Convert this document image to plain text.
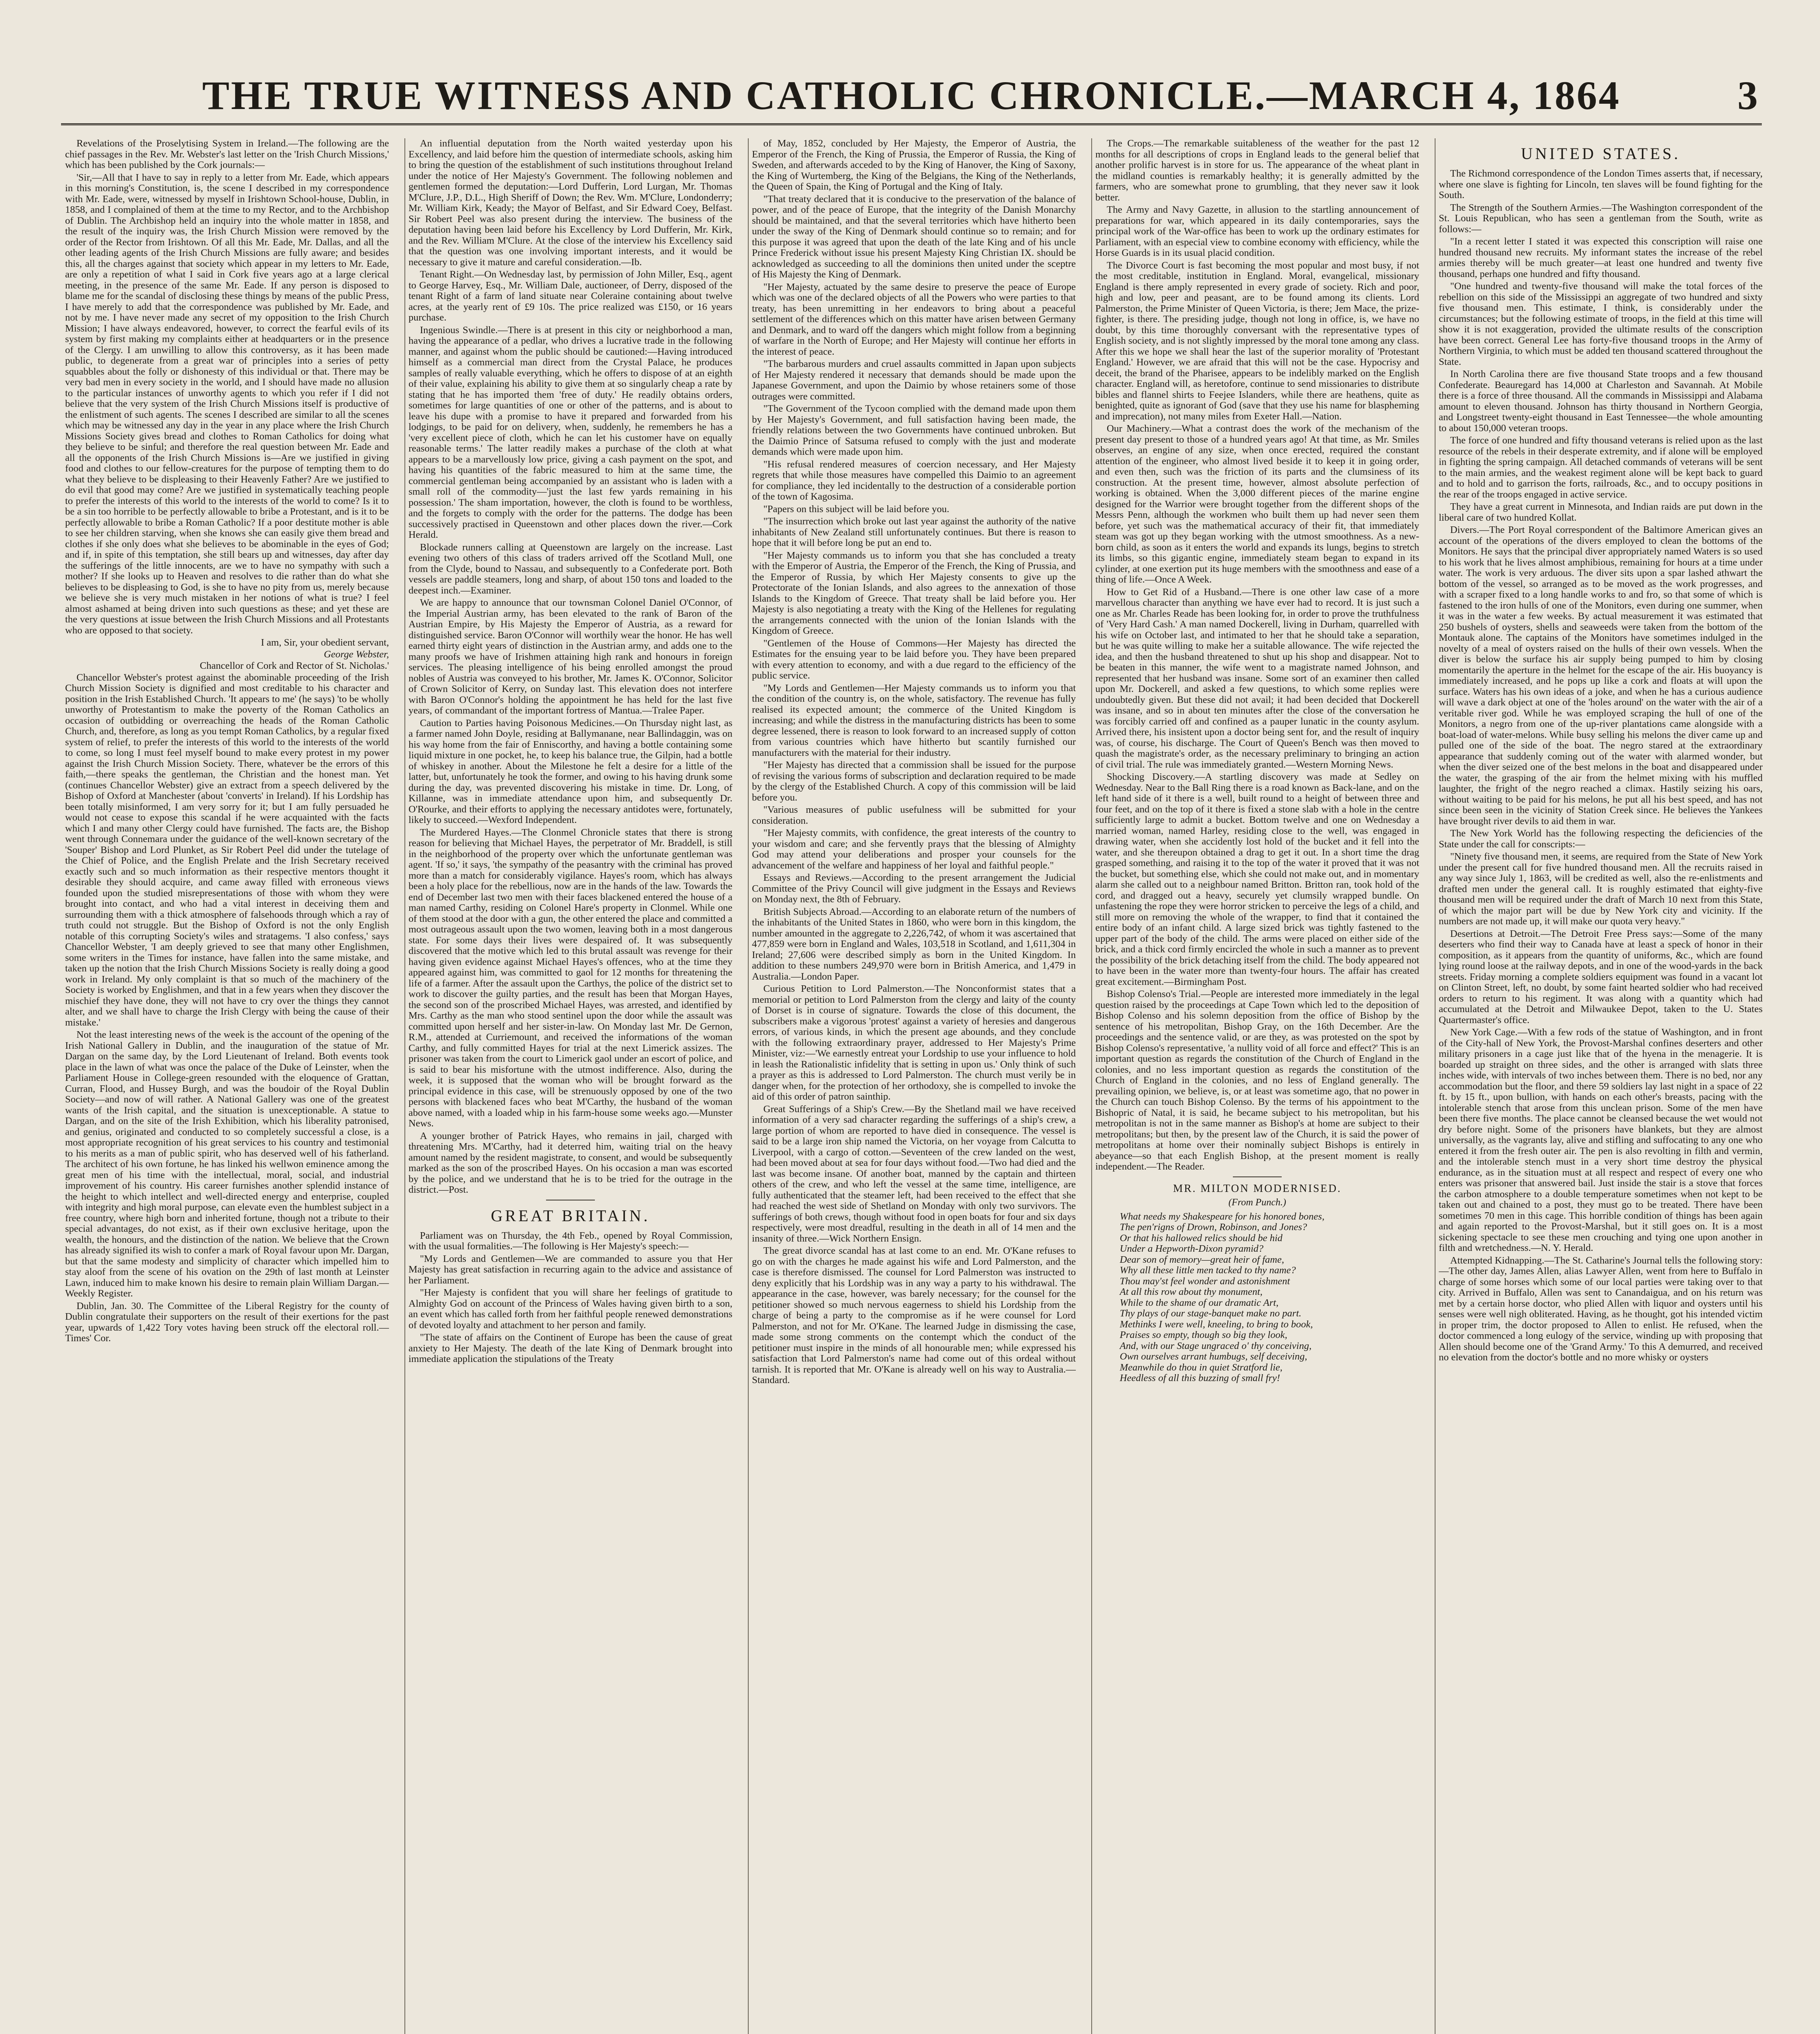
THE TRUE WITNESS AND CATHOLIC CHRONICLE.—MARCH 4, 1864	3

Revelations of the Proselytising System in Ireland.—The following are the chief passages in the Rev. Mr. Webster's last letter on the 'Irish Church Missions,' which has been published by the Cork journals:—

'Sir,—All that I have to say in reply to a letter from Mr. Eade, which appears in this morning's Constitution, is, the scene I described in my correspondence with Mr. Eade, were, witnessed by myself in Irishtown School-house, Dublin, in 1858, and I complained of them at the time to my Rector, and to the Archbishop of Dublin. The Archbishop held an inquiry into the whole matter in 1858, and the result of the inquiry was, the Irish Church Mission were removed by the order of the Rector from Irishtown. Of all this Mr. Eade, Mr. Dallas, and all the other leading agents of the Irish Church Missions are fully aware; and besides this, all the charges against that society which appear in my letters to Mr. Eade, are only a repetition of what I said in Cork five years ago at a large clerical meeting, in the presence of the same Mr. Eade. If any person is disposed to blame me for the scandal of disclosing these things by means of the public Press, I have merely to add that the correspondence was published by Mr. Eade, and not by me. I have never made any secret of my opposition to the Irish Church Mission; I have always endeavored, however, to correct the fearful evils of its system by first making my complaints either at headquarters or in the presence of the Clergy. I am unwilling to allow this controversy, as it has been made public, to degenerate from a great war of principles into a series of petty squabbles about the folly or dishonesty of this individual or that. There may be very bad men in every society in the world, and I should have made no allusion to the particular instances of unworthy agents to which you refer if I did not believe that the very system of the Irish Church Missions itself is productive of the enlistment of such agents. The scenes I described are similar to all the scenes which may be witnessed any day in the year in any place where the Irish Church Missions Society gives bread and clothes to Roman Catholics for doing what they believe to be sinful; and therefore the real question between Mr. Eade and all the opponents of the Irish Church Missions is—Are we justified in giving food and clothes to our fellow-creatures for the purpose of tempting them to do what they believe to be displeasing to their Heavenly Father? Are we justified to do evil that good may come? Are we justified in systematically teaching people to prefer the interests of this world to the interests of the world to come? Is it to be a sin too horrible to be perfectly allowable to bribe a Protestant, and is it to be perfectly allowable to bribe a Roman Catholic? If a poor destitute mother is able to see her children starving, when she knows she can easily give them bread and clothes if she only does what she believes to be abominable in the eyes of God; and if, in spite of this temptation, she still bears up and witnesses, day after day the sufferings of the little innocents, are we to have no sympathy with such a mother? If she looks up to Heaven and resolves to die rather than do what she believes to be displeasing to God, is she to have no pity from us, merely because we believe she is very much mistaken in her notions of what is true? I feel almost ashamed at being driven into such questions as these; and yet these are the very questions at issue between the Irish Church Missions and all Protestants who are opposed to that society.

I am, Sir, your obedient servant,

George Webster,

Chancellor of Cork and Rector of St. Nicholas.'

Chancellor Webster's protest against the abominable proceeding of the Irish Church Mission Society is dignified and most creditable to his character and position in the Irish Established Church. 'It appears to me' (he says) 'to be wholly unworthy of Protestantism to make the poverty of the Roman Catholics an occasion of outbidding or overreaching the heads of the Roman Catholic Church, and, therefore, as long as you tempt Roman Catholics, by a regular fixed system of relief, to prefer the interests of this world to the interests of the world to come, so long I must feel myself bound to make every protest in my power against the Irish Church Mission Society. There, whatever be the errors of this faith,—there speaks the gentleman, the Christian and the honest man. Yet (continues Chancellor Webster) give an extract from a speech delivered by the Bishop of Oxford at Manchester (about 'converts' in Ireland). If his Lordship has been totally misinformed, I am very sorry for it; but I am fully persuaded he would not cease to expose this scandal if he were acquainted with the facts which I and many other Clergy could have furnished. The facts are, the Bishop went through Connemara under the guidance of the well-known secretary of the 'Souper' Bishop and Lord Plunket, as Sir Robert Peel did under the tutelage of the Chief of Police, and the English Prelate and the Irish Secretary received exactly such and so much information as their respective mentors thought it desirable they should acquire, and came away filled with erroneous views founded upon the studied misrepresentations of those with whom they were brought into contact, and who had a vital interest in deceiving them and surrounding them with a thick atmosphere of falsehoods through which a ray of truth could not struggle. But the Bishop of Oxford is not the only English notable of this corrupting Society's wiles and stratagems. 'I also confess,' says Chancellor Webster, 'I am deeply grieved to see that many other Englishmen, some writers in the Times for instance, have fallen into the same mistake, and taken up the notion that the Irish Church Missions Society is really doing a good work in Ireland. My only complaint is that so much of the machinery of the Society is worked by Englishmen, and that in a few years when they discover the mischief they have done, they will not have to cry over the things they cannot alter, and we shall have to charge the Irish Clergy with being the cause of their mistake.'

Not the least interesting news of the week is the account of the opening of the Irish National Gallery in Dublin, and the inauguration of the statue of Mr. Dargan on the same day, by the Lord Lieutenant of Ireland. Both events took place in the lawn of what was once the palace of the Duke of Leinster, when the Parliament House in College-green resounded with the eloquence of Grattan, Curran, Flood, and Hussey Burgh, and was the boudoir of the Royal Dublin Society—and now of will rather. A National Gallery was one of the greatest wants of the Irish capital, and the situation is unexceptionable. A statue to Dargan, and on the site of the Irish Exhibition, which his liberality patronised, and genius, originated and conducted to so completely successful a close, is a most appropriate recognition of his great services to his country and testimonial to his merits as a man of public spirit, who has deserved well of his fatherland. The architect of his own fortune, he has linked his wellwon eminence among the great men of his time with the intellectual, moral, social, and industrial improvement of his country. His career furnishes another splendid instance of the height to which intellect and well-directed energy and enterprise, coupled with integrity and high moral purpose, can elevate even the humblest subject in a free country, where high born and inherited fortune, though not a tribute to their special advantages, do not exist, as if their own exclusive heritage, upon the wealth, the honours, and the distinction of the nation. We believe that the Crown has already signified its wish to confer a mark of Royal favour upon Mr. Dargan, but that the same modesty and simplicity of character which impelled him to stay aloof from the scene of his ovation on the 29th of last month at Leinster Lawn, induced him to make known his desire to remain plain William Dargan.—Weekly Register.

Dublin, Jan. 30. The Committee of the Liberal Registry for the county of Dublin congratulate their supporters on the result of their exertions for the past year, upwards of 1,422 Tory votes having been struck off the electoral roll.—Times' Cor.

An influential deputation from the North waited yesterday upon his Excellency, and laid before him the question of intermediate schools, asking him to bring the question of the establishment of such institutions throughout Ireland under the notice of Her Majesty's Government. The following noblemen and gentlemen formed the deputation:—Lord Dufferin, Lord Lurgan, Mr. Thomas M'Clure, J.P., D.L., High Sheriff of Down; the Rev. Wm. M'Clure, Londonderry; Mr. William Kirk, Keady; the Mayor of Belfast, and Sir Edward Coey, Belfast. Sir Robert Peel was also present during the interview. The business of the deputation having been laid before his Excellency by Lord Dufferin, Mr. Kirk, and the Rev. William M'Clure. At the close of the interview his Excellency said that the question was one involving important interests, and it would be necessary to give it mature and careful consideration.—Ib.

Tenant Right.—On Wednesday last, by permission of John Miller, Esq., agent to George Harvey, Esq., Mr. William Dale, auctioneer, of Derry, disposed of the tenant Right of a farm of land situate near Coleraine containing about twelve acres, at the yearly rent of £9 10s. The price realized was £150, or 16 years purchase.

Ingenious Swindle.—There is at present in this city or neighborhood a man, having the appearance of a pedlar, who drives a lucrative trade in the following manner, and against whom the public should be cautioned:—Having introduced himself as a commercial man direct from the Crystal Palace, he produces samples of really valuable everything, which he offers to dispose of at an eighth of their value, explaining his ability to give them at so singularly cheap a rate by stating that he has imported them 'free of duty.' He readily obtains orders, sometimes for large quantities of one or other of the patterns, and is about to leave his dupe with a promise to have it prepared and forwarded from his lodgings, to be paid for on delivery, when, suddenly, he remembers he has a 'very excellent piece of cloth, which he can let his customer have on equally reasonable terms.' The latter readily makes a purchase of the cloth at what appears to be a marvellously low price, giving a cash payment on the spot, and having his quantities of the fabric measured to him at the same time, the commercial gentleman being accompanied by an assistant who is laden with a small roll of the commodity—'just the last few yards remaining in his possession.' The sham importation, however, the cloth is found to be worthless, and the forgets to comply with the order for the patterns. The dodge has been successively practised in Queenstown and other places down the river.—Cork Herald.

Blockade runners calling at Queenstown are largely on the increase. Last evening two others of this class of traders arrived off the Scotland Mull, one from the Clyde, bound to Nassau, and subsequently to a Confederate port. Both vessels are paddle steamers, long and sharp, of about 150 tons and loaded to the deepest inch.—Examiner.

We are happy to announce that our townsman Colonel Daniel O'Connor, of the Imperial Austrian army, has been elevated to the rank of Baron of the Austrian Empire, by His Majesty the Emperor of Austria, as a reward for distinguished service. Baron O'Connor will worthily wear the honor. He has well earned thirty eight years of distinction in the Austrian army, and adds one to the many proofs we have of Irishmen attaining high rank and honours in foreign services. The pleasing intelligence of his being enrolled amongst the proud nobles of Austria was conveyed to his brother, Mr. James K. O'Connor, Solicitor of Crown Solicitor of Kerry, on Sunday last. This elevation does not interfere with Baron O'Connor's holding the appointment he has held for the last five years, of commandant of the important fortress of Mantua.—Tralee Paper.

Caution to Parties having Poisonous Medicines.—On Thursday night last, as a farmer named John Doyle, residing at Ballymanane, near Ballindaggin, was on his way home from the fair of Enniscorthy, and having a bottle containing some liquid mixture in one pocket, he, to keep his balance true, the Gilpin, had a bottle of whiskey in another. About the Milestone he felt a desire for a little of the latter, but, unfortunately he took the former, and owing to his having drunk some during the day, was prevented discovering his mistake in time. Dr. Long, of Killanne, was in immediate attendance upon him, and subsequently Dr. O'Rourke, and their efforts to applying the necessary antidotes were, fortunately, likely to succeed.—Wexford Independent.

The Murdered Hayes.—The Clonmel Chronicle states that there is strong reason for believing that Michael Hayes, the perpetrator of Mr. Braddell, is still in the neighborhood of the property over which the unfortunate gentleman was agent. 'If so,' it says, 'the sympathy of the peasantry with the criminal has proved more than a match for considerably vigilance. Hayes's room, which has always been a holy place for the rebellious, now are in the hands of the law. Towards the end of December last two men with their faces blackened entered the house of a man named Carthy, residing on Colonel Hare's property in Clonmel. While one of them stood at the door with a gun, the other entered the place and committed a most outrageous assault upon the two women, leaving both in a most dangerous state. For some days their lives were despaired of. It was subsequently discovered that the motive which led to this brutal assault was revenge for their having given evidence against Michael Hayes's offences, who at the time they appeared against him, was committed to gaol for 12 months for threatening the life of a farmer. After the assault upon the Carthys, the police of the district set to work to discover the guilty parties, and the result has been that Morgan Hayes, the second son of the proscribed Michael Hayes, was arrested, and identified by Mrs. Carthy as the man who stood sentinel upon the door while the assault was committed upon herself and her sister-in-law. On Monday last Mr. De Gernon, R.M., attended at Curriemount, and received the informations of the woman Carthy, and fully committed Hayes for trial at the next Limerick assizes. The prisoner was taken from the court to Limerick gaol under an escort of police, and is said to bear his misfortune with the utmost indifference. Also, during the week, it is supposed that the woman who will be brought forward as the principal evidence in this case, will be strenuously opposed by one of the two persons with blackened faces who beat M'Carthy, the husband of the woman above named, with a loaded whip in his farm-house some weeks ago.—Munster News.

A younger brother of Patrick Hayes, who remains in jail, charged with threatening Mrs. M'Carthy, had it deterred him, waiting trial on the heavy amount named by the resident magistrate, to consent, and would be subsequently marked as the son of the proscribed Hayes. On his occasion a man was escorted by the police, and we understand that he is to be tried for the outrage in the district.—Post.

GREAT BRITAIN.

Parliament was on Thursday, the 4th Feb., opened by Royal Commission, with the usual formalities.—The following is Her Majesty's speech:—

"My Lords and Gentlemen—We are commanded to assure you that Her Majesty has great satisfaction in recurring again to the advice and assistance of her Parliament.

"Her Majesty is confident that you will share her feelings of gratitude to Almighty God on account of the Princess of Wales having given birth to a son, an event which has called forth from her faithful people renewed demonstrations of devoted loyalty and attachment to her person and family.

"The state of affairs on the Continent of Europe has been the cause of great anxiety to Her Majesty. The death of the late King of Denmark brought into immediate application the stipulations of the Treaty

of May, 1852, concluded by Her Majesty, the Emperor of Austria, the Emperor of the French, the King of Prussia, the Emperor of Russia, the King of Sweden, and afterwards acceded to by the King of Hanover, the King of Saxony, the King of Wurtemberg, the King of the Belgians, the King of the Netherlands, the Queen of Spain, the King of Portugal and the King of Italy.

"That treaty declared that it is conducive to the preservation of the balance of power, and of the peace of Europe, that the integrity of the Danish Monarchy should be maintained, and that the several territories which have hitherto been under the sway of the King of Denmark should continue so to remain; and for this purpose it was agreed that upon the death of the late King and of his uncle Prince Frederick without issue his present Majesty King Christian IX. should be acknowledged as succeeding to all the dominions then united under the sceptre of His Majesty the King of Denmark.

"Her Majesty, actuated by the same desire to preserve the peace of Europe which was one of the declared objects of all the Powers who were parties to that treaty, has been unremitting in her endeavors to bring about a peaceful settlement of the differences which on this matter have arisen between Germany and Denmark, and to ward off the dangers which might follow from a beginning of warfare in the North of Europe; and Her Majesty will continue her efforts in the interest of peace.

"The barbarous murders and cruel assaults committed in Japan upon subjects of Her Majesty rendered it necessary that demands should be made upon the Japanese Government, and upon the Daimio by whose retainers some of those outrages were committed.

"The Government of the Tycoon complied with the demand made upon them by Her Majesty's Government, and full satisfaction having been made, the friendly relations between the two Governments have continued unbroken. But the Daimio Prince of Satsuma refused to comply with the just and moderate demands which were made upon him.

"His refusal rendered measures of coercion necessary, and Her Majesty regrets that while those measures have compelled this Daimio to an agreement for compliance, they led incidentally to the destruction of a considerable portion of the town of Kagosima.

"Papers on this subject will be laid before you.

"The insurrection which broke out last year against the authority of the native inhabitants of New Zealand still unfortunately continues. But there is reason to hope that it will before long be put an end to.

"Her Majesty commands us to inform you that she has concluded a treaty with the Emperor of Austria, the Emperor of the French, the King of Prussia, and the Emperor of Russia, by which Her Majesty consents to give up the Protectorate of the Ionian Islands, and also agrees to the annexation of those Islands to the Kingdom of Greece. That treaty shall be laid before you. Her Majesty is also negotiating a treaty with the King of the Hellenes for regulating the arrangements connected with the union of the Ionian Islands with the Kingdom of Greece.

"Gentlemen of the House of Commons—Her Majesty has directed the Estimates for the ensuing year to be laid before you. They have been prepared with every attention to economy, and with a due regard to the efficiency of the public service.

"My Lords and Gentlemen—Her Majesty commands us to inform you that the condition of the country is, on the whole, satisfactory. The revenue has fully realised its expected amount; the commerce of the United Kingdom is increasing; and while the distress in the manufacturing districts has been to some degree lessened, there is reason to look forward to an increased supply of cotton from various countries which have hitherto but scantily furnished our manufacturers with the material for their industry.

"Her Majesty has directed that a commission shall be issued for the purpose of revising the various forms of subscription and declaration required to be made by the clergy of the Established Church. A copy of this commission will be laid before you.

"Various measures of public usefulness will be submitted for your consideration.

"Her Majesty commits, with confidence, the great interests of the country to your wisdom and care; and she fervently prays that the blessing of Almighty God may attend your deliberations and prosper your counsels for the advancement of the welfare and happiness of her loyal and faithful people."

Essays and Reviews.—According to the present arrangement the Judicial Committee of the Privy Council will give judgment in the Essays and Reviews on Monday next, the 8th of February.

British Subjects Abroad.—According to an elaborate return of the numbers of the inhabitants of the United States in 1860, who were born in this kingdom, the number amounted in the aggregate to 2,226,742, of whom it was ascertained that 477,859 were born in England and Wales, 103,518 in Scotland, and 1,611,304 in Ireland; 27,606 were described simply as born in the United Kingdom. In addition to these numbers 249,970 were born in British America, and 1,479 in Australia.—London Paper.

Curious Petition to Lord Palmerston.—The Nonconformist states that a memorial or petition to Lord Palmerston from the clergy and laity of the county of Dorset is in course of signature. Towards the close of this document, the subscribers make a vigorous 'protest' against a variety of heresies and dangerous errors, of various kinds, in which the present age abounds, and they conclude with the following extraordinary prayer, addressed to Her Majesty's Prime Minister, viz:—'We earnestly entreat your Lordship to use your influence to hold in leash the Rationalistic infidelity that is setting in upon us.' Only think of such a prayer as this is addressed to Lord Palmerston. The church must verily be in danger when, for the protection of her orthodoxy, she is compelled to invoke the aid of this order of patron sainthip.

Great Sufferings of a Ship's Crew.—By the Shetland mail we have received information of a very sad character regarding the sufferings of a ship's crew, a large portion of whom are reported to have died in consequence. The vessel is said to be a large iron ship named the Victoria, on her voyage from Calcutta to Liverpool, with a cargo of cotton.—Seventeen of the crew landed on the west, had been moved about at sea for four days without food.—Two had died and the last was become insane. Of another boat, manned by the captain and thirteen others of the crew, and who left the vessel at the same time, intelligence, are fully authenticated that the steamer left, had been received to the effect that she had reached the west side of Shetland on Monday with only two survivors. The sufferings of both crews, though without food in open boats for four and six days respectively, were most dreadful, resulting in the death in all of 14 men and the insanity of three.—Wick Northern Ensign.

The great divorce scandal has at last come to an end. Mr. O'Kane refuses to go on with the charges he made against his wife and Lord Palmerston, and the case is therefore dismissed. The counsel for Lord Palmerston was instructed to deny explicitly that his Lordship was in any way a party to his withdrawal. The appearance in the case, however, was barely necessary; for the counsel for the petitioner showed so much nervous eagerness to shield his Lordship from the charge of being a party to the compromise as if he were counsel for Lord Palmerston, and not for Mr. O'Kane. The learned Judge in dismissing the case, made some strong comments on the contempt which the conduct of the petitioner must inspire in the minds of all honourable men; while expressed his satisfaction that Lord Palmerston's name had come out of this ordeal without tarnish. It is reported that Mr. O'Kane is already well on his way to Australia.—Standard.

The Crops.—The remarkable suitableness of the weather for the past 12 months for all descriptions of crops in England leads to the general belief that another prolific harvest is in store for us. The appearance of the wheat plant in the midland counties is remarkably healthy; it is generally admitted by the farmers, who are somewhat prone to grumbling, that they never saw it look better.

The Army and Navy Gazette, in allusion to the startling announcement of preparations for war, which appeared in its daily contemporaries, says the principal work of the War-office has been to work up the ordinary estimates for Parliament, with an especial view to combine economy with efficiency, while the Horse Guards is in its usual placid condition.

The Divorce Court is fast becoming the most popular and most busy, if not the most creditable, institution in England. Moral, evangelical, missionary England is there amply represented in every grade of society. Rich and poor, high and low, peer and peasant, are to be found among its clients. Lord Palmerston, the Prime Minister of Queen Victoria, is there; Jem Mace, the prize-fighter, is there. The presiding judge, though not long in office, is, we have no doubt, by this time thoroughly conversant with the representative types of English society, and is not slightly impressed by the moral tone among any class. After this we hope we shall hear the last of the superior morality of 'Protestant England.' However, we are afraid that this will not be the case. Hypocrisy and deceit, the brand of the Pharisee, appears to be indelibly marked on the English character. England will, as heretofore, continue to send missionaries to distribute bibles and flannel shirts to Feejee Islanders, while there are heathens, quite as benighted, quite as ignorant of God (save that they use his name for blaspheming and imprecation), not many miles from Exeter Hall.—Nation.

Our Machinery.—What a contrast does the work of the mechanism of the present day present to those of a hundred years ago! At that time, as Mr. Smiles observes, an engine of any size, when once erected, required the constant attention of the engineer, who almost lived beside it to keep it in going order, and even then, such was the friction of its parts and the clumsiness of its construction. At the present time, however, almost absolute perfection of working is obtained. When the 3,000 different pieces of the marine engine designed for the Warrior were brought together from the different shops of the Messrs Penn, although the workmen who built them up had never seen them before, yet such was the mathematical accuracy of their fit, that immediately steam was got up they began working with the utmost smoothness. As a new-born child, as soon as it enters the world and expands its lungs, begins to stretch its limbs, so this gigantic engine, immediately steam began to expand in its cylinder, at one exertion put its huge members with the smoothness and ease of a thing of life.—Once A Week.

How to Get Rid of a Husband.—There is one other law case of a more marvellous character than anything we have ever had to record. It is just such a one as Mr. Charles Reade has been looking for, in order to prove the truthfulness of 'Very Hard Cash.' A man named Dockerell, living in Durham, quarrelled with his wife on October last, and intimated to her that he should take a separation, but he was quite willing to make her a suitable allowance. The wife rejected the idea, and then the husband threatened to shut up his shop and disappear. Not to be beaten in this manner, the wife went to a magistrate named Johnson, and represented that her husband was insane. Some sort of an examiner then called upon Mr. Dockerell, and asked a few questions, to which some replies were undoubtedly given. But these did not avail; it had been decided that Dockerell was insane, and so in about ten minutes after the close of the conversation he was forcibly carried off and confined as a pauper lunatic in the county asylum. Arrived there, his insistent upon a doctor being sent for, and the result of inquiry was, of course, his discharge. The Court of Queen's Bench was then moved to quash the magistrate's order, as the necessary preliminary to bringing an action of civil trial. The rule was immediately granted.—Western Morning News.

Shocking Discovery.—A startling discovery was made at Sedley on Wednesday. Near to the Ball Ring there is a road known as Back-lane, and on the left hand side of it there is a well, built round to a height of between three and four feet, and on the top of it there is fixed a stone slab with a hole in the centre sufficiently large to admit a bucket. Bottom twelve and one on Wednesday a married woman, named Harley, residing close to the well, was engaged in drawing water, when she accidently lost hold of the bucket and it fell into the water, and she thereupon obtained a drag to get it out. In a short time the drag grasped something, and raising it to the top of the water it proved that it was not the bucket, but something else, which she could not make out, and in momentary alarm she called out to a neighbour named Britton. Britton ran, took hold of the cord, and dragged out a heavy, securely yet clumsily wrapped bundle. On unfastening the rope they were horror stricken to perceive the legs of a child, and still more on removing the whole of the wrapper, to find that it contained the entire body of an infant child. A large sized brick was tightly fastened to the upper part of the body of the child. The arms were placed on either side of the brick, and a thick cord firmly encircled the whole in such a manner as to prevent the possibility of the brick detaching itself from the child. The body appeared not to have been in the water more than twenty-four hours. The affair has created great excitement.—Birmingham Post.

Bishop Colenso's Trial.—People are interested more immediately in the legal question raised by the proceedings at Cape Town which led to the deposition of Bishop Colenso and his solemn deposition from the office of Bishop by the sentence of his metropolitan, Bishop Gray, on the 16th December. Are the proceedings and the sentence valid, or are they, as was protested on the spot by Bishop Colenso's representative, 'a nullity void of all force and effect?' This is an important question as regards the constitution of the Church of England in the colonies, and no less important question as regards the constitution of the Church of England in the colonies, and no less of England generally. The prevailing opinion, we believe, is, or at least was sometime ago, that no power in the Church can touch Bishop Colenso. By the terms of his appointment to the Bishopric of Natal, it is said, he became subject to his metropolitan, but his metropolitan is not in the same manner as Bishop's at home are subject to their metropolitans; but then, by the present law of the Church, it is said the power of metropolitans at home over their nominally subject Bishops is entirely in abeyance—so that each English Bishop, at the present moment is really independent.—The Reader.

MR. MILTON MODERNISED.
(From Punch.)

What needs my Shakespeare for his honored bones,

The pen'rigns of Drown, Robinson, and Jones?

Or that his hallowed relics should be hid

Under a Hepworth-Dixon pyramid?

Dear son of memory—great heir of fame,

Why all these little men tacked to thy name?

Thou may'st feel wonder and astonishment

At all this row about thy monument,

While to the shame of our dramatic Art,

Thy plays of our stage-banquet make no part.

Methinks I were well, kneeling, to bring to book,

Praises so empty, though so big they look,

And, with our Stage ungraced o' thy conceiving,

Own ourselves arrant humbugs, self deceiving,

Meanwhile do thou in quiet Stratford lie,

Heedless of all this buzzing of small fry!

UNITED STATES.

The Richmond correspondence of the London Times asserts that, if necessary, where one slave is fighting for Lincoln, ten slaves will be found fighting for the South.

The Strength of the Southern Armies.—The Washington correspondent of the St. Louis Republican, who has seen a gentleman from the South, write as follows:—

"In a recent letter I stated it was expected this conscription will raise one hundred thousand new recruits. My informant states the increase of the rebel armies thereby will be much greater—at least one hundred and twenty five thousand, perhaps one hundred and fifty thousand.

"One hundred and twenty-five thousand will make the total forces of the rebellion on this side of the Mississippi an aggregate of two hundred and sixty five thousand men. This estimate, I think, is considerably under the circumstances; but the following estimate of troops, in the field at this time will show it is not exaggeration, provided the ultimate results of the conscription have been correct. General Lee has forty-five thousand troops in the Army of Northern Virginia, to which must be added ten thousand scattered throughout the State.

In North Carolina there are five thousand State troops and a few thousand Confederate. Beauregard has 14,000 at Charleston and Savannah. At Mobile there is a force of three thousand. All the commands in Mississippi and Alabama amount to eleven thousand. Johnson has thirty thousand in Northern Georgia, and Longstreet twenty-eight thousand in East Tennessee—the whole amounting to about 150,000 veteran troops.

The force of one hundred and fifty thousand veterans is relied upon as the last resource of the rebels in their desperate extremity, and if alone will be employed in fighting the spring campaign. All detached commands of veterans will be sent to the main armies, and the weakest regiment alone will be kept back to guard and to hold and to garrison the forts, railroads, &c., and to occupy positions in the rear of the troops engaged in active service.

They have a great current in Minnesota, and Indian raids are put down in the liberal care of two hundred Kollat.

Divers.—The Port Royal correspondent of the Baltimore American gives an account of the operations of the divers employed to clean the bottoms of the Monitors. He says that the principal diver appropriately named Waters is so used to his work that he lives almost amphibious, remaining for hours at a time under water. The work is very arduous. The diver sits upon a spar lashed athwart the bottom of the vessel, so arranged as to be moved as the work progresses, and with a scraper fixed to a long handle works to and fro, so that some of which is fastened to the iron hulls of one of the Monitors, even during one summer, when it was in the water a few weeks. By actual measurement it was estimated that 250 bushels of oysters, shells and seaweeds were taken from the bottom of the Montauk alone. The captains of the Monitors have sometimes indulged in the novelty of a meal of oysters raised on the hulls of their own vessels. When the diver is below the surface his air supply being pumped to him by closing momentarily the aperture in the helmet for the escape of the air. His buoyancy is immediately increased, and he pops up like a cork and floats at will upon the surface. Waters has his own ideas of a joke, and when he has a curious audience will wave a dark object at one of the 'holes around' on the water with the air of a veritable river god. While he was employed scraping the hull of one of the Monitors, a negro from one of the up-river plantations came alongside with a boat-load of water-melons. While busy selling his melons the diver came up and pulled one of the side of the boat. The negro stared at the extraordinary appearance that suddenly coming out of the water with alarmed wonder, but when the diver seized one of the best melons in the boat and disappeared under the water, the grasping of the air from the helmet mixing with his muffled laughter, the fright of the negro reached a climax. Hastily seizing his oars, without waiting to be paid for his melons, he put all his best speed, and has not since been seen in the vicinity of Station Creek since. He believes the Yankees have brought river devils to aid them in war.

The New York World has the following respecting the deficiencies of the State under the call for conscripts:—

"Ninety five thousand men, it seems, are required from the State of New York under the present call for five hundred thousand men. All the recruits raised in any way since July 1, 1863, will be credited as well, also the re-enlistments and drafted men under the general call. It is roughly estimated that eighty-five thousand men will be required under the draft of March 10 next from this State, of which the major part will be due by New York city and vicinity. If the numbers are not made up, it will make our quota very heavy."

Desertions at Detroit.—The Detroit Free Press says:—Some of the many deserters who find their way to Canada have at least a speck of honor in their composition, as it appears from the quantity of uniforms, &c., which are found lying round loose at the railway depots, and in one of the wood-yards in the back streets. Friday morning a complete soldiers equipment was found in a vacant lot on Clinton Street, left, no doubt, by some faint hearted soldier who had received orders to return to his regiment. It was along with a quantity which had accumulated at the Detroit and Milwaukee Depot, taken to the U. States Quartermaster's office.

New York Cage.—With a few rods of the statue of Washington, and in front of the City-hall of New York, the Provost-Marshal confines deserters and other military prisoners in a cage just like that of the hyena in the menagerie. It is boarded up straight on three sides, and the other is arranged with slats three inches wide, with intervals of two inches between them. There is no bed, nor any accommodation but the floor, and there 59 soldiers lay last night in a space of 22 ft. by 15 ft., upon bullion, with hands on each other's breasts, pacing with the intolerable stench that arose from this unclean prison. Some of the men have been there five months. The place cannot be cleansed because the wet would not dry before night. Some of the prisoners have blankets, but they are almost universally, as the vagrants lay, alive and stifling and suffocating to any one who entered it from the fresh outer air. The pen is also revolting in filth and vermin, and the intolerable stench must in a very short time destroy the physical endurance, as in the situation must at all respect and respect of every one who enters was prisoner that answered bail. Just inside the stair is a stove that forces the carbon atmosphere to a double temperature sometimes when not kept to be taken out and chained to a post, they must go to be treated. There have been sometimes 70 men in this cage. This horrible condition of things has been again and again reported to the Provost-Marshal, but it still goes on. It is a most sickening spectacle to see these men crouching and tying one upon another in filth and wretchedness.—N. Y. Herald.

Attempted Kidnapping.—The St. Catharine's Journal tells the following story:—The other day, James Allen, alias Lawyer Allen, went from here to Buffalo in charge of some horses which some of our local parties were taking over to that city. Arrived in Buffalo, Allen was sent to Canandaigua, and on his return was met by a certain horse doctor, who plied Allen with liquor and oysters until his senses were well nigh obliterated. Having, as he thought, got his intended victim in proper trim, the doctor proposed to Allen to enlist. He refused, when the doctor commenced a long eulogy of the service, winding up with proposing that Allen should become one of the 'Grand Army.' To this A demurred, and received no elevation from the doctor's bottle and no more whisky or oysters
